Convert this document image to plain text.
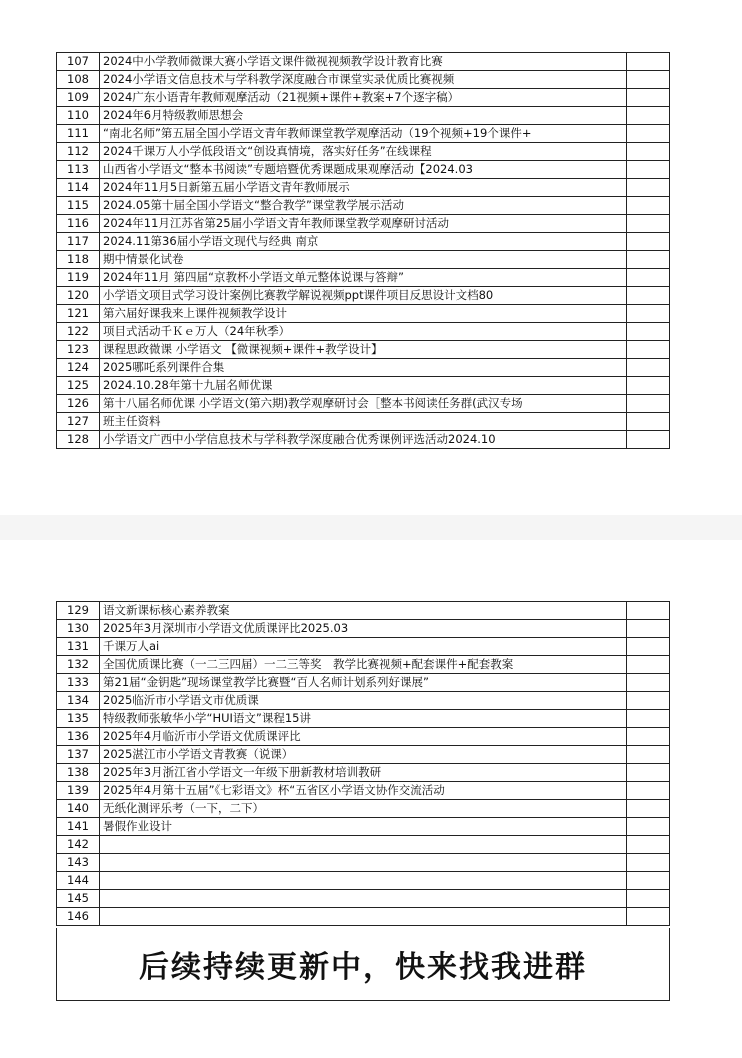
107	2024中小学教师微课大赛小学语文课件微视视频教学设计教育比赛	
108	2024小学语文信息技术与学科教学深度融合市课堂实录优质比赛视频	
109	2024广东小语青年教师观摩活动（21视频+课件+教案+7个逐字稿）	
110	2024年6月特级教师思想会	
111	“南北名师”第五届全国小学语文青年教师课堂教学观摩活动（19个视频+19个课件+	
112	2024千课万人小学低段语文“创设真情境，落实好任务”在线课程	
113	山西省小学语文“整本书阅读”专题培暨优秀课题成果观摩活动【2024.03	
114	2024年11月5日新第五届小学语文青年教师展示	
115	2024.05第十届全国小学语文“整合教学”课堂教学展示活动	
116	2024年11月江苏省第25届小学语文青年教师课堂教学观摩研讨活动	
117	2024.11第36届小学语文现代与经典 南京	
118	期中情景化试卷	
119	2024年11月 第四届“京教杯小学语文单元整体说课与答辩”	
120	小学语文项目式学习设计案例比赛教学解说视频ppt课件项目反思设计文档80	
121	第六届好课我来上课件视频教学设计	
122	项目式活动千Ｋｅ万人（24年秋季）	
123	课程思政微课 小学语文 【微课视频+课件+教学设计】	
124	2025哪吒系列课件合集	
125	2024.10.28年第十九届名师优课	
126	第十八届名师优课 小学语文(第六期)教学观摩研讨会［整本书阅读任务群(武汉专场	
127	班主任资料	
128	小学语文广西中小学信息技术与学科教学深度融合优秀课例评选活动2024.10	
129	语文新课标核心素养教案	
130	2025年3月深圳市小学语文优质课评比2025.03	
131	千课万人ai	
132	全国优质课比赛（一二三四届）一二三等奖　教学比赛视频+配套课件+配套教案	
133	第21届“金钥匙”现场课堂教学比赛暨“百人名师计划系列好课展”	
134	2025临沂市小学语文市优质课	
135	特级教师张敏华小学“HUI语文”课程15讲	
136	2025年4月临沂市小学语文优质课评比	
137	2025湛江市小学语文青教赛（说课）	
138	2025年3月浙江省小学语文一年级下册新教材培训教研	
139	2025年4月第十五届”《七彩语文》杯“五省区小学语文协作交流活动	
140	无纸化测评乐考（一下，二下）	
141	暑假作业设计	
142		
143		
144		
145		
146		
后续持续更新中，快来找我进群
